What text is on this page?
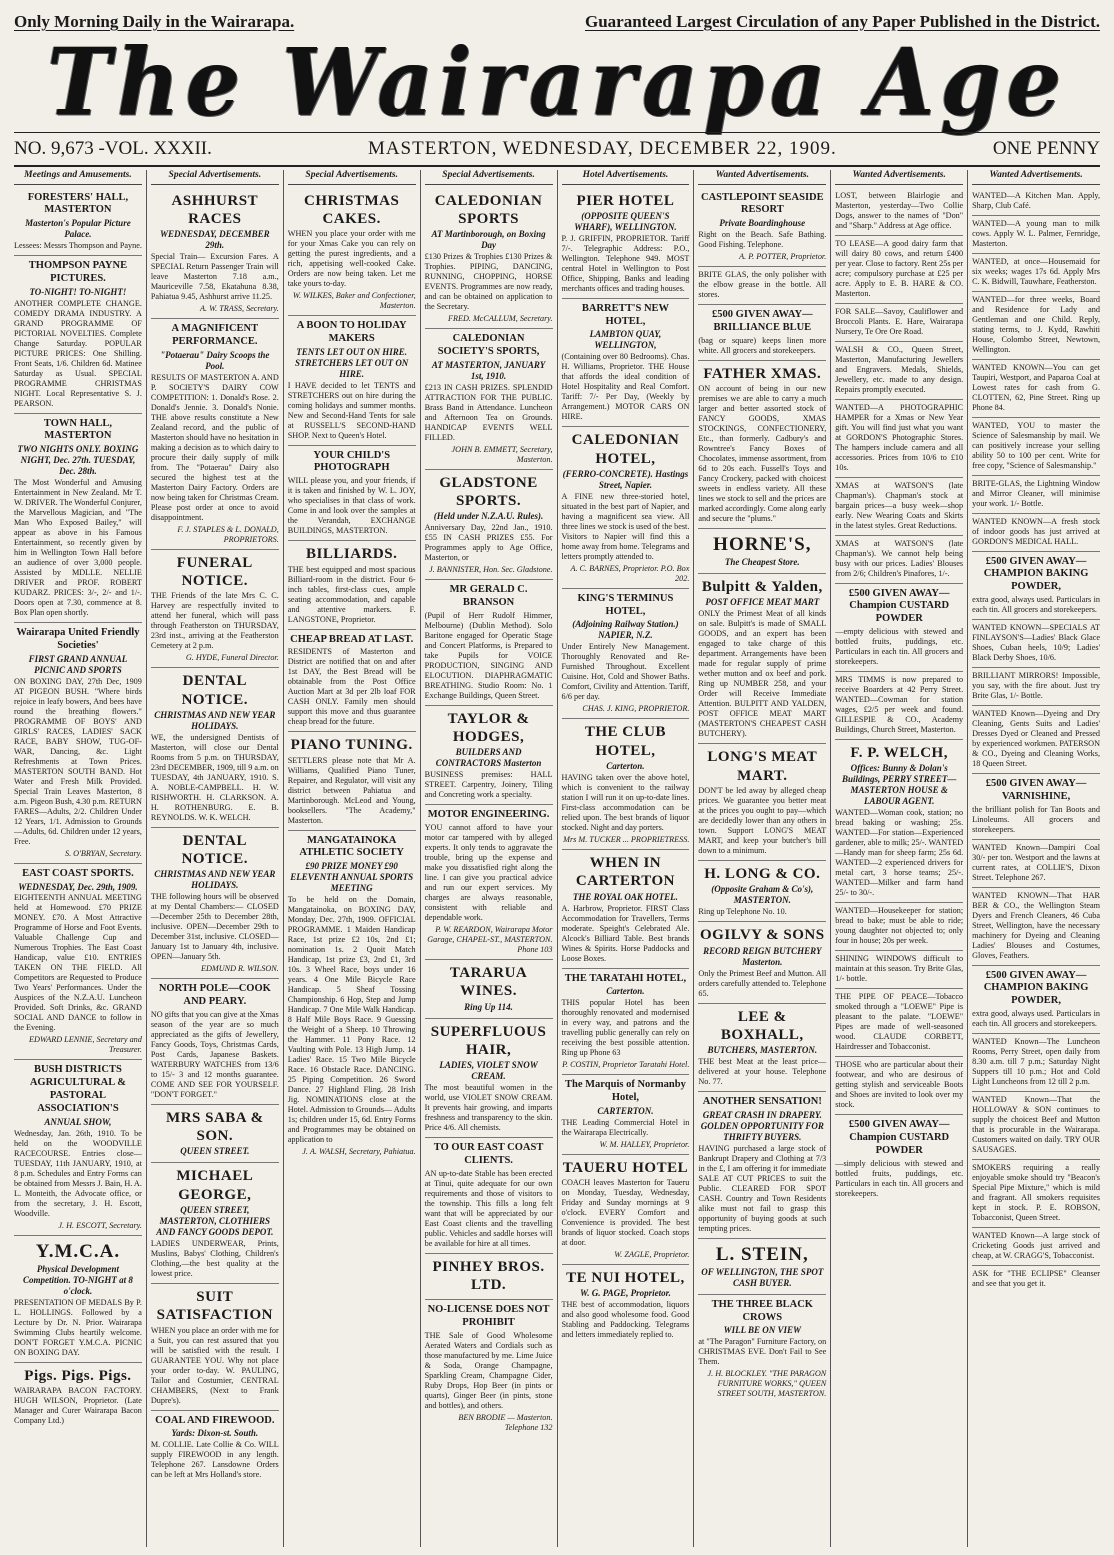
Only Morning Daily in the Wairarapa.	Guaranteed Largest Circulation of any Paper Published in the District.
The Wairarapa Age
NO. 9,673 -VOL. XXXII.	MASTERTON, WEDNESDAY, DECEMBER 22, 1909.	ONE PENNY
Meetings and Amusements.
FORESTERS' HALL, MASTERTON
Masterton's Popular Picture Palace.
Lessees: Messrs Thompson and Payne.
THOMPSON PAYNE PICTURES.
TO-NIGHT! TO-NIGHT!
ANOTHER COMPLETE CHANGE. COMEDY DRAMA INDUSTRY. A GRAND PROGRAMME OF PICTORIAL NOVELTIES. Complete Change Saturday. POPULAR PICTURE PRICES: One Shilling. Front Seats, 1/6. Children 6d. Matinee Saturday as Usual. SPECIAL PROGRAMME CHRISTMAS NIGHT. Local Representative S. J. PEARSON.
TOWN HALL, MASTERTON
TWO NIGHTS ONLY. BOXING NIGHT, Dec. 27th. TUESDAY, Dec. 28th.
The Most Wonderful and Amusing Entertainment in New Zealand. Mr T. W. DRIVER. The Wonderful Conjurer, the Marvellous Magician, and "The Man Who Exposed Bailey," will appear as above in his Famous Entertainment, so recently given by him in Wellington Town Hall before an audience of over 3,000 people. Assisted by MDLLE. NELLIE DRIVER and PROF. ROBERT KUDARZ. PRICES: 3/-, 2/- and 1/-. Doors open at 7.30, commence at 8. Box Plan open shortly.
Wairarapa United Friendly Societies'
FIRST GRAND ANNUAL PICNIC AND SPORTS
ON BOXING DAY, 27th Dec, 1909 AT PIGEON BUSH. "Where birds rejoice in leafy bowers, And bees have round the breathing flowers." PROGRAMME OF BOYS' AND GIRLS' RACES, LADIES' SACK RACE, BABY SHOW, TUG-OF-WAR, Dancing, &c. Light Refreshments at Town Prices. MASTERTON SOUTH BAND. Hot Water and Fresh Milk Provided. Special Train Leaves Masterton, 8 a.m. Pigeon Bush, 4.30 p.m. RETURN FARES—Adults, 2/2. Children Under 12 Years, 1/1. Admission to Grounds—Adults, 6d. Children under 12 years, Free.
S. O'BRYAN, Secretary.
EAST COAST SPORTS.
WEDNESDAY, Dec. 29th, 1909.
EIGHTEENTH ANNUAL MEETING held at Homewood. £70 PRIZE MONEY. £70. A Most Attractive Programme of Horse and Foot Events. Valuable Challenge Cup and Numerous Trophies. The East Coast Handicap, value £10. ENTRIES TAKEN ON THE FIELD. All Competitors are Requested to Produce Two Years' Performances. Under the Auspices of the N.Z.A.U. Luncheon Provided. Soft Drinks, &c. GRAND SOCIAL AND DANCE to follow in the Evening.
EDWARD LENNIE, Secretary and Treasurer.
BUSH DISTRICTS AGRICULTURAL & PASTORAL ASSOCIATION'S
ANNUAL SHOW,
Wednesday, Jan. 26th, 1910. To be held on the WOODVILLE RACECOURSE. Entries close— TUESDAY, 11th JANUARY, 1910, at 8 p.m. Schedules and Entry Forms can be obtained from Messrs J. Bain, H. A. L. Monteith, the Advocate office, or from the secretary, J. H. Escott, Woodville.
J. H. ESCOTT, Secretary.
Y.M.C.A.
Physical Development Competition. TO-NIGHT at 8 o'clock.
PRESENTATION OF MEDALS By P. L. HOLLINGS. Followed by a Lecture by Dr. N. Prior. Wairarapa Swimming Clubs heartily welcome. DON'T FORGET Y.M.C.A. PICNIC ON BOXING DAY.
Pigs. Pigs. Pigs.
WAIRARAPA BACON FACTORY. HUGH WILSON, Proprietor. (Late Manager and Curer Wairarapa Bacon Company Ltd.)
Special Advertisements.
ASHHURST RACES
WEDNESDAY, DECEMBER 29th.
Special Train— Excursion Fares. A SPECIAL Return Passenger Train will leave Masterton 7.18 a.m., Mauriceville 7.58, Ekatahuna 8.38, Pahiatua 9.45, Ashhurst arrive 11.25.
A. W. TRASS, Secretary.
A MAGNIFICENT PERFORMANCE.
"Potaerau" Dairy Scoops the Pool.
RESULTS OF MASTERTON A. AND P. SOCIETY'S DAIRY COW COMPETITION: 1. Donald's Rose. 2. Donald's Jennie. 3. Donald's Nonie. THE above results constitute a New Zealand record, and the public of Masterton should have no hesitation in making a decision as to which dairy to procure their daily supply of milk from. The "Potaerau" Dairy also secured the highest test at the Masterton Dairy Factory. Orders are now being taken for Christmas Cream. Please post order at once to avoid disappointment.
F. J. STAPLES & L. DONALD, PROPRIETORS.
FUNERAL NOTICE.
THE Friends of the late Mrs C. C. Harvey are respectfully invited to attend her funeral, which will pass through Featherston on THURSDAY, 23rd inst., arriving at the Featherston Cemetery at 2 p.m.
G. HYDE, Funeral Director.
DENTAL NOTICE.
CHRISTMAS AND NEW YEAR HOLIDAYS.
WE, the undersigned Dentists of Masterton, will close our Dental Rooms from 5 p.m. on THURSDAY, 23rd DECEMBER, 1909, till 9 a.m. on TUESDAY, 4th JANUARY, 1910. S. A. NOBLE-CAMPBELL. H. W. RISHWORTH. H. CLARKSON. A. H. ROTHENBURG. E. B. REYNOLDS. W. K. WELCH.
DENTAL NOTICE.
CHRISTMAS AND NEW YEAR HOLIDAYS.
THE following hours will be observed at my Dental Chambers:— CLOSED—December 25th to December 28th, inclusive. OPEN—December 29th to December 31st, inclusive. CLOSED—January 1st to January 4th, inclusive. OPEN—January 5th.
EDMUND R. WILSON.
NORTH POLE—COOK AND PEARY.
NO gifts that you can give at the Xmas season of the year are so much appreciated as the gifts of Jewellery, Fancy Goods, Toys, Christmas Cards, Post Cards, Japanese Baskets. WATERBURY WATCHES from 13/6 to 15/- 3 and 12 months guarantee. COME AND SEE FOR YOURSELF. "DON'T FORGET."
MRS SABA & SON.
QUEEN STREET.
MICHAEL GEORGE,
QUEEN STREET, MASTERTON, CLOTHIERS AND FANCY GOODS DEPOT.
LADIES UNDERWEAR, Prints, Muslins, Babys' Clothing, Children's Clothing,—the best quality at the lowest price.
SUIT SATISFACTION
WHEN you place an order with me for a Suit, you can rest assured that you will be satisfied with the result. I GUARANTEE YOU. Why not place your order to-day. W. PAULING, Tailor and Costumier, CENTRAL CHAMBERS, (Next to Frank Dupre's).
COAL AND FIREWOOD.
Yards: Dixon-st. South.
M. COLLIE. Late Collie & Co. WILL supply FIREWOOD in any length. Telephone 267. Lansdowne Orders can be left at Mrs Holland's store.
Special Advertisements.
CHRISTMAS CAKES.
WHEN you place your order with me for your Xmas Cake you can rely on getting the purest ingredients, and a rich, appetising well-cooked Cake. Orders are now being taken. Let me take yours to-day.
W. WILKES, Baker and Confectioner, Masterton.
A BOON TO HOLIDAY MAKERS
TENTS LET OUT ON HIRE. STRETCHERS LET OUT ON HIRE.
I HAVE decided to let TENTS and STRETCHERS out on hire during the coming holidays and summer months. New and Second-Hand Tents for sale at RUSSELL'S SECOND-HAND SHOP. Next to Queen's Hotel.
YOUR CHILD'S PHOTOGRAPH
WILL please you, and your friends, if it is taken and finished by W. L. JOY, who specialises in that class of work. Come in and look over the samples at the Verandah, EXCHANGE BUILDINGS, MASTERTON.
BILLIARDS.
THE best equipped and most spacious Billiard-room in the district. Four 6-inch tables, first-class cues, ample seating accommodation, and capable and attentive markers. F. LANGSTONE, Proprietor.
CHEAP BREAD AT LAST.
RESIDENTS of Masterton and District are notified that on and after 1st DAY, the Best Bread will be obtainable from the Post Office Auction Mart at 3d per 2lb loaf FOR CASH ONLY. Family men should support this move and thus guarantee cheap bread for the future.
PIANO TUNING.
SETTLERS please note that Mr A. Williams, Qualified Piano Tuner, Repairer, and Regulator, will visit any district between Pahiatua and Martinborough. McLeod and Young, booksellers. "The Academy," Masterton.
MANGATAINOKA ATHLETIC SOCIETY
£90 PRIZE MONEY £90 ELEVENTH ANNUAL SPORTS MEETING
To be held on the Domain, Mangatainoka, on BOXING DAY, Monday, Dec. 27th, 1909. OFFICIAL PROGRAMME. 1 Maiden Handicap Race, 1st prize £2 10s, 2nd £1; nomination 1s. 2 Quoit Match Handicap, 1st prize £3, 2nd £1, 3rd 10s. 3 Wheel Race, boys under 16 years. 4 One Mile Bicycle Race Handicap. 5 Sheaf Tossing Championship. 6 Hop, Step and Jump Handicap. 7 One Mile Walk Handicap. 8 Half Mile Boys Race. 9 Guessing the Weight of a Sheep. 10 Throwing the Hammer. 11 Pony Race. 12 Vaulting with Pole. 13 High Jump. 14 Ladies' Race. 15 Two Mile Bicycle Race. 16 Obstacle Race. DANCING. 25 Piping Competition. 26 Sword Dance. 27 Highland Fling. 28 Irish Jig. NOMINATIONS close at the Hotel. Admission to Grounds— Adults 1s; children under 15, 6d. Entry Forms and Programmes may be obtained on application to
J. A. WALSH, Secretary, Pahiatua.
Special Advertisements.
CALEDONIAN SPORTS
AT Martinborough, on Boxing Day
£130 Prizes & Trophies £130 Prizes & Trophies. PIPING, DANCING, RUNNING, CHOPPING, HORSE EVENTS. Programmes are now ready, and can be obtained on application to the Secretary.
FRED. McCALLUM, Secretary.
CALEDONIAN SOCIETY'S SPORTS,
AT MASTERTON, JANUARY 1st, 1910.
£213 IN CASH PRIZES. SPLENDID ATTRACTION FOR THE PUBLIC. Brass Band in Attendance. Luncheon and Afternoon Tea on Grounds. HANDICAP EVENTS WELL FILLED.
JOHN B. EMMETT, Secretary, Masterton.
GLADSTONE SPORTS.
(Held under N.Z.A.U. Rules).
Anniversary Day, 22nd Jan., 1910. £55 IN CASH PRIZES £55. For Programmes apply to Age Office, Masterton, or
J. BANNISTER, Hon. Sec. Gladstone.
MR GERALD C. BRANSON
(Pupil of Herr Rudolf Himmer, Melbourne) (Dublin Method). Solo Baritone engaged for Operatic Stage and Concert Platforms, is Prepared to take Pupils for VOICE PRODUCTION, SINGING AND ELOCUTION. DIAPHRAGMATIC BREATHING. Studio Room: No. 1 Exchange Buildings, Queen Street.
TAYLOR & HODGES,
BUILDERS AND CONTRACTORS Masterton
BUSINESS premises: HALL STREET. Carpentry, Joinery, Tiling and Concreting work a specialty.
MOTOR ENGINEERING.
YOU cannot afford to have your motor car tampered with by alleged experts. It only tends to aggravate the trouble, bring up the expense and make you dissatisfied right along the line. I can give you practical advice and run our expert services. My charges are always reasonable, consistent with reliable and dependable work.
P. W. REARDON, Wairarapa Motor Garage, CHAPEL-ST., MASTERTON. Phone 103
TARARUA WINES.
Ring Up 114.
SUPERFLUOUS HAIR,
LADIES, VIOLET SNOW CREAM.
The most beautiful women in the world, use VIOLET SNOW CREAM. It prevents hair growing, and imparts freshness and transparency to the skin. Price 4/6. All chemists.
TO OUR EAST COAST CLIENTS.
AN up-to-date Stable has been erected at Tinui, quite adequate for our own requirements and those of visitors to the township. This fills a long felt want that will be appreciated by our East Coast clients and the travelling public. Vehicles and saddle horses will be available for hire at all times.
PINHEY BROS. LTD.
NO-LICENSE DOES NOT PROHIBIT
THE Sale of Good Wholesome Aerated Waters and Cordials such as those manufactured by me. Lime Juice & Soda, Orange Champagne, Sparkling Cream, Champagne Cider, Ruby Drops, Hop Beer (in pints or quarts), Ginger Beer (in pints, stone and bottles), and others.
BEN BRODIE — Masterton. Telephone 132
Hotel Advertisements.
PIER HOTEL
(OPPOSITE QUEEN'S WHARF), WELLINGTON.
P. J. GRIFFIN, PROPRIETOR. Tariff 7/-. Telegraphic Address: P.O., Wellington. Telephone 949. MOST central Hotel in Wellington to Post Office, Shipping, Banks and leading merchants offices and trading houses.
BARRETT'S NEW HOTEL,
LAMBTON QUAY, WELLINGTON,
(Containing over 80 Bedrooms). Chas. H. Williams, Proprietor. THE House that affords the ideal condition of Hotel Hospitality and Real Comfort. Tariff: 7/- Per Day, (Weekly by Arrangement.) MOTOR CARS ON HIRE.
CALEDONIAN HOTEL,
(FERRO-CONCRETE). Hastings Street, Napier.
A FINE new three-storied hotel, situated in the best part of Napier, and having a magnificent sea view. All three lines we stock is used of the best. Visitors to Napier will find this a home away from home. Telegrams and letters promptly attended to.
A. C. BARNES, Proprietor. P.O. Box 202.
KING'S TERMINUS HOTEL,
(Adjoining Railway Station.) NAPIER, N.Z.
Under Entirely New Management. Thoroughly Renovated and Re-Furnished Throughout. Excellent Cuisine. Hot, Cold and Shower Baths. Comfort, Civility and Attention. Tariff, 6/6 per day.
CHAS. J. KING, PROPRIETOR.
THE CLUB HOTEL,
Carterton.
HAVING taken over the above hotel, which is convenient to the railway station I will run it on up-to-date lines. First-class accommodation can be relied upon. The best brands of liquor stocked. Night and day porters.
Mrs M. TUCKER ... PROPRIETRESS.
WHEN IN CARTERTON
THE ROYAL OAK HOTEL.
A. Harbrow, Proprietor. FIRST Class Accommodation for Travellers, Terms moderate. Speight's Celebrated Ale. Alcock's Billiard Table. Best brands Wines & Spirits. Horse Paddocks and Loose Boxes.
THE TARATAHI HOTEL,
Carterton.
THIS popular Hotel has been thoroughly renovated and modernised in every way, and patrons and the travelling public generally can rely on receiving the best possible attention. Ring up Phone 63
P. COSTIN, Proprietor Taratahi Hotel.
The Marquis of Normanby Hotel,
CARTERTON.
THE Leading Commercial Hotel in the Wairarapa Electrically.
W. M. HALLEY, Proprietor.
TAUERU HOTEL
COACH leaves Masterton for Taueru on Monday, Tuesday, Wednesday, Friday and Sunday mornings at 9 o'clock. EVERY Comfort and Convenience is provided. The best brands of liquor stocked. Coach stops at door.
W. ZAGLE, Proprietor.
TE NUI HOTEL,
W. G. PAGE, Proprietor.
THE best of accommodation, liquors and also good wholesome food. Good Stabling and Paddocking. Telegrams and letters immediately replied to.
Wanted Advertisements.
CASTLEPOINT SEASIDE RESORT
Private Boardinghouse
Right on the Beach. Safe Bathing. Good Fishing. Telephone.
A. P. POTTER, Proprietor.
BRITE GLAS, the only polisher with the elbow grease in the bottle. All stores.
£500 GIVEN AWAY—BRILLIANCE BLUE
(bag or square) keeps linen more white. All grocers and storekeepers.
FATHER XMAS.
ON account of being in our new premises we are able to carry a much larger and better assorted stock of FANCY GOODS, XMAS STOCKINGS, CONFECTIONERY, Etc., than formerly. Cadbury's and Rowntree's Fancy Boxes of Chocolates, immense assortment, from 6d to 20s each. Fussell's Toys and Fancy Crockery, packed with choicest sweets in endless variety. All these lines we stock to sell and the prices are marked accordingly. Come along early and secure the "plums."
HORNE'S,
The Cheapest Store.
Bulpitt & Yalden,
POST OFFICE MEAT MART
ONLY the Primest Meat of all kinds on sale. Bulpitt's is made of SMALL GOODS, and an expert has been engaged to take charge of this department. Arrangements have been made for regular supply of prime wether mutton and ox beef and pork. Ring up NUMBER 258, and your Order will Receive Immediate Attention. BULPITT AND YALDEN, POST OFFICE MEAT MART (MASTERTON'S CHEAPEST CASH BUTCHERY).
LONG'S MEAT MART.
DON'T be led away by alleged cheap prices. We guarantee you better meat at the prices you ought to pay—which are decidedly lower than any others in town. Support LONG'S MEAT MART, and keep your butcher's bill down to a minimum.
H. LONG & CO.
(Opposite Graham & Co's), MASTERTON.
Ring up Telephone No. 10.
OGILVY & SONS
RECORD REIGN BUTCHERY Masterton.
Only the Primest Beef and Mutton. All orders carefully attended to. Telephone 65.
LEE & BOXHALL,
BUTCHERS, MASTERTON.
THE best Meat at the least price—delivered at your house. Telephone No. 77.
ANOTHER SENSATION!
GREAT CRASH IN DRAPERY. GOLDEN OPPORTUNITY FOR THRIFTY BUYERS.
HAVING purchased a large stock of Bankrupt Drapery and Clothing at 7/3 in the £, I am offering it for immediate SALE AT CUT PRICES to suit the Public. CLEARED FOR SPOT CASH. Country and Town Residents alike must not fail to grasp this opportunity of buying goods at such tempting prices.
L. STEIN,
OF WELLINGTON, THE SPOT CASH BUYER.
THE THREE BLACK CROWS
WILL BE ON VIEW
at "The Paragon" Furniture Factory, on CHRISTMAS EVE. Don't Fail to See Them.
J. H. BLOCKLEY. "THE PARAGON FURNITURE WORKS," QUEEN STREET SOUTH, MASTERTON.
Wanted Advertisements.
LOST, between Blairlogie and Masterton, yesterday—Two Collie Dogs, answer to the names of "Don" and "Sharp." Address at Age office.
TO LEASE—A good dairy farm that will dairy 80 cows, and return £400 per year. Close to factory. Rent 25s per acre; compulsory purchase at £25 per acre. Apply to E. B. HARE & CO. Masterton.
FOR SALE—Savoy, Cauliflower and Broccoli Plants. E. Hare, Wairarapa Nursery, Te Ore Ore Road.
WALSH & CO., Queen Street, Masterton, Manufacturing Jewellers and Engravers. Medals, Shields, Jewellery, etc. made to any design. Repairs promptly executed.
WANTED—A PHOTOGRAPHIC HAMPER for a Xmas or New Year gift. You will find just what you want at GORDON'S Photographic Stores. The hampers include camera and all accessories. Prices from 10/6 to £10 10s.
XMAS at WATSON'S (late Chapman's). Chapman's stock at bargain prices—a busy week—shop early. New Wearing Coats and Skirts in the latest styles. Great Reductions.
XMAS at WATSON'S (late Chapman's). We cannot help being busy with our prices. Ladies' Blouses from 2/6; Children's Pinafores, 1/-.
£500 GIVEN AWAY—Champion CUSTARD POWDER
—empty delicious with stewed and bottled fruits, puddings, etc. Particulars in each tin. All grocers and storekeepers.
MRS TIMMS is now prepared to receive Boarders at 42 Perry Street. WANTED—Cowman for station wages, £2/5 per week and found. GILLESPIE & CO., Academy Buildings, Church Street, Masterton.
F. P. WELCH,
Offices: Bunny & Dolan's Buildings, PERRY STREET—MASTERTON HOUSE & LABOUR AGENT.
WANTED—Woman cook, station; no bread baking or washing; 25s. WANTED—For station—Experienced gardener, able to milk; 25/-. WANTED—Handy man for sheep farm; 25s 6d. WANTED—2 experienced drivers for metal cart, 3 horse teams; 25/-. WANTED—Milker and farm hand 25/- to 30/-.
WANTED—Housekeeper for station; bread to bake; must be able to ride; young daughter not objected to; only four in house; 20s per week.
SHINING WINDOWS difficult to maintain at this season. Try Brite Glas, 1/- bottle.
THE PIPE OF PEACE—Tobacco smoked through a "LOEWE" Pipe is pleasant to the palate. "LOEWE" Pipes are made of well-seasoned wood. CLAUDE CORBETT, Hairdresser and Tobacconist.
THOSE who are particular about their footwear, and who are desirous of getting stylish and serviceable Boots and Shoes are invited to look over my stock.
£500 GIVEN AWAY—Champion CUSTARD POWDER
—simply delicious with stewed and bottled fruits, puddings, etc. Particulars in each tin. All grocers and storekeepers.
Wanted Advertisements.
WANTED—A Kitchen Man. Apply, Sharp, Club Café.
WANTED—A young man to milk cows. Apply W. L. Palmer, Fernridge, Masterton.
WANTED, at once—Housemaid for six weeks; wages 17s 6d. Apply Mrs C. K. Bidwill, Tauwhare, Featherston.
WANTED—for three weeks, Board and Residence for Lady and Gentleman and one Child. Reply, stating terms, to J. Kydd, Rawhiti House, Colombo Street, Newtown, Wellington.
WANTED KNOWN—You can get Taupiri, Westport, and Paparoa Coal at Lowest rates for cash from G. CLOTTEN, 62, Pine Street. Ring up Phone 84.
WANTED, YOU to master the Science of Salesmanship by mail. We can positively increase your selling ability 50 to 100 per cent. Write for free copy, "Science of Salesmanship."
BRITE-GLAS, the Lightning Window and Mirror Cleaner, will minimise your work. 1/- Bottle.
WANTED KNOWN—A fresh stock of indoor goods has just arrived at GORDON'S MEDICAL HALL.
£500 GIVEN AWAY—CHAMPION BAKING POWDER,
extra good, always used. Particulars in each tin. All grocers and storekeepers.
WANTED KNOWN—SPECIALS AT FINLAYSON'S—Ladies' Black Glace Shoes, Cuban heels, 10/9; Ladies' Black Derby Shoes, 10/6.
BRILLIANT MIRRORS! Impossible, you say, with the fire about. Just try Brite Glas, 1/- Bottle.
WANTED Known—Dyeing and Dry Cleaning, Gents Suits and Ladies' Dresses Dyed or Cleaned and Pressed by experienced workmen. PATERSON & CO., Dyeing and Cleaning Works, 18 Queen Street.
£500 GIVEN AWAY—VARNISHINE,
the brilliant polish for Tan Boots and Linoleums. All grocers and storekeepers.
WANTED Known—Dampiri Coal 30/- per ton. Westport and the lawns at current rates, at COLLIE'S, Dixon Street. Telephone 267.
WANTED KNOWN—That HAR BER & CO., the Wellington Steam Dyers and French Cleaners, 46 Cuba Street, Wellington, have the necessary machinery for Dyeing and Cleaning Ladies' Blouses and Costumes, Gloves, Feathers.
£500 GIVEN AWAY—CHAMPION BAKING POWDER,
extra good, always used. Particulars in each tin. All grocers and storekeepers.
WANTED Known—The Luncheon Rooms, Perry Street, open daily from 8.30 a.m. till 7 p.m.; Saturday Night Suppers till 10 p.m.; Hot and Cold Light Luncheons from 12 till 2 p.m.
WANTED Known—That the HOLLOWAY & SON continues to supply the choicest Beef and Mutton that is procurable in the Wairarapa. Customers waited on daily. TRY OUR SAUSAGES.
SMOKERS requiring a really enjoyable smoke should try "Beacon's Special Pipe Mixture," which is mild and fragrant. All smokers requisites kept in stock. P. E. ROBSON, Tobacconist, Queen Street.
WANTED Known—A large stock of Cricketing Goods just arrived and cheap, at W. CRAGG'S, Tobacconist.
ASK for "THE ECLIPSE" Cleanser and see that you get it.
